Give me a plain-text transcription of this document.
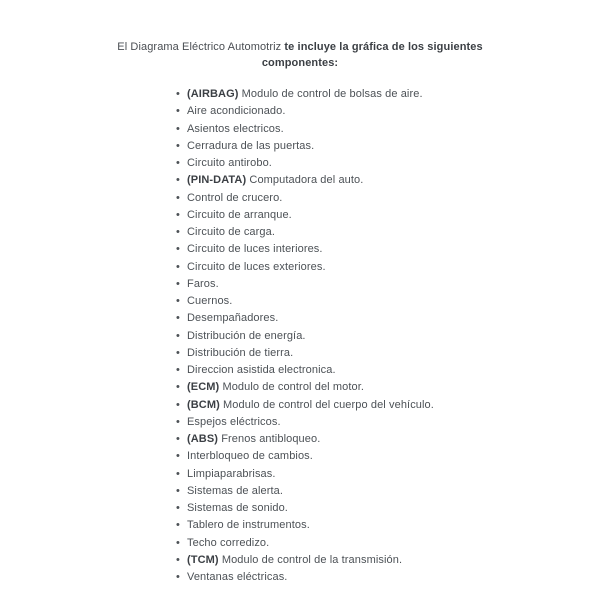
El Diagrama Eléctrico Automotriz te incluye la gráfica de los siguientes
componentes:
• (AIRBAG) Modulo de control de bolsas de aire.
• Aire acondicionado.
• Asientos electricos.
• Cerradura de las puertas.
• Circuito antirobo.
• (PIN-DATA) Computadora del auto.
• Control de crucero.
• Circuito de arranque.
• Circuito de carga.
• Circuito de luces interiores.
• Circuito de luces exteriores.
• Faros.
• Cuernos.
• Desempañadores.
• Distribución de energía.
• Distribución de tierra.
• Direccion asistida electronica.
• (ECM) Modulo de control del motor.
• (BCM) Modulo de control del cuerpo del vehículo.
• Espejos eléctricos.
• (ABS) Frenos antibloqueo.
• Interbloqueo de cambios.
• Limpiaparabrisas.
• Sistemas de alerta.
• Sistemas de sonido.
• Tablero de instrumentos.
• Techo corredizo.
• (TCM) Modulo de control de la transmisión.
• Ventanas eléctricas.
